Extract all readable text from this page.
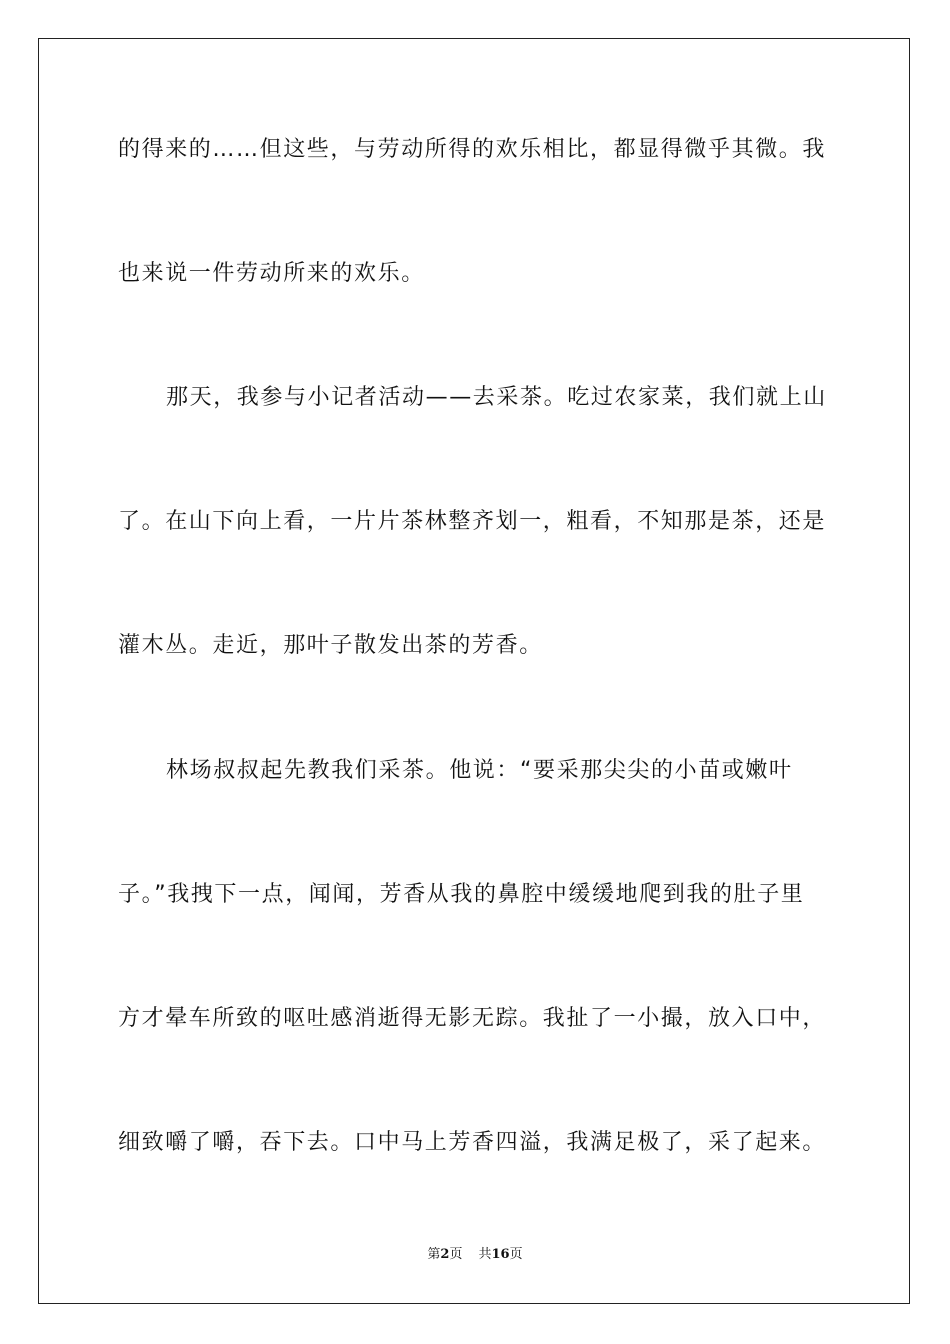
的得来的……但这些，与劳动所得的欢乐相比，都显得微乎其微。我
也来说一件劳动所来的欢乐。
那天，我参与小记者活动——去采茶。吃过农家菜，我们就上山
了。在山下向上看，一片片茶林整齐划一，粗看，不知那是茶，还是
灌木丛。走近，那叶子散发出茶的芳香。
林场叔叔起先教我们采茶。他说：“要采那尖尖的小苗或嫩叶
子。”我拽下一点，闻闻，芳香从我的鼻腔中缓缓地爬到我的肚子里
方才晕车所致的呕吐感消逝得无影无踪。我扯了一小撮，放入口中，
细致嚼了嚼，吞下去。口中马上芳香四溢，我满足极了，采了起来。
第2页 共16页
